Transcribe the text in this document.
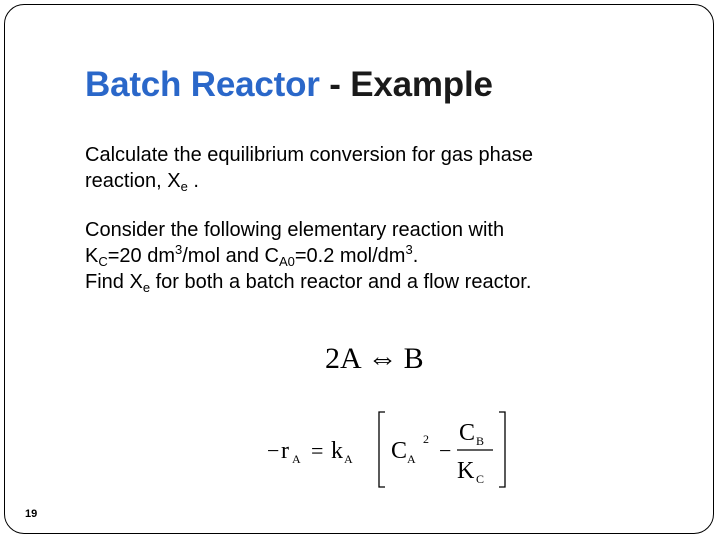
Batch Reactor - Example
Calculate the equilibrium conversion for gas phase
reaction, $X_e$ .
Consider the following elementary reaction with
$K_C=20$ $dm^3$/mol and $C_{A0}=0.2$ mol/$dm^3$.
Find $X_e$ for both a batch reactor and a flow reactor.
2A ⇔ B
− r A = k A C A
2 −
C B
K C
19
